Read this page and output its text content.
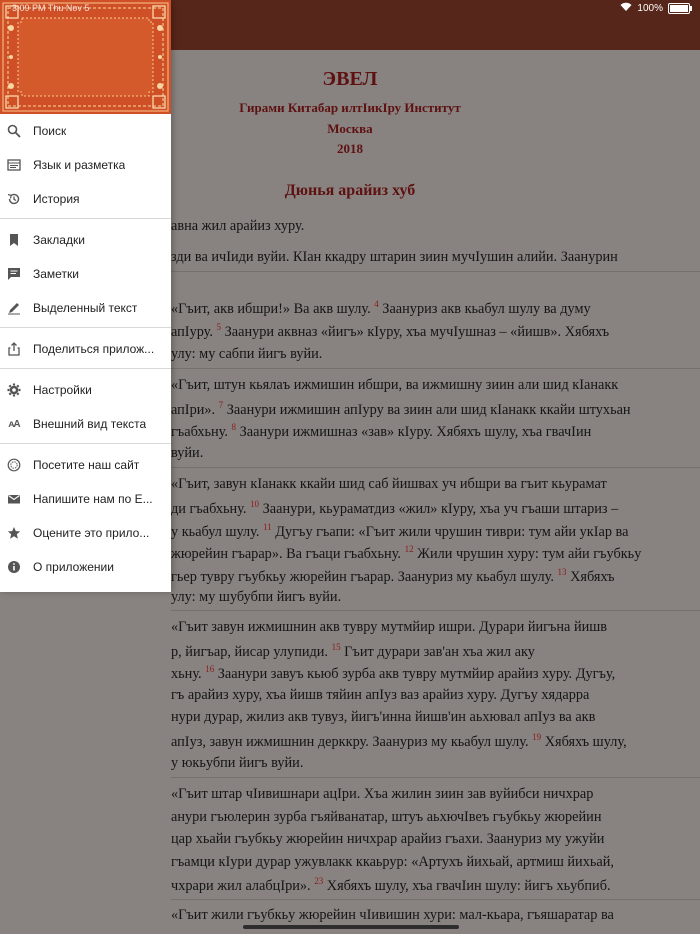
100%
ЭВЕЛ
Гирами Китабар илтIикIру Институт
Москва
2018
Дюнья арайиз хуб
авна жил арайиз хуру.
зди ва ичIиди вуйи. КIан ккадру штарин зиин мучIушин алийи. Заанурин
«Гъит, акв ибшри!» Ва акв шулу. $^4$ Заануриз акв кьабул шулу ва думу
апIуру. $^5$ Заанури аквназ «йигъ» кIуру, хъа мучIушназ – «йишв». Хябяхъ
улу: му сабпи йигъ вуйи.
«Гъит, штун кьялаъ ижмишин ибшри, ва ижмишну зиин али шид кIанакк
апIри». $^7$ Заанури ижмишин апIуру ва зиин али шид кIанакк ккайи штухьан
гъабхьну. $^8$ Заанури ижмишназ «зав» кIуру. Хябяхъ шулу, хъа гвачIин
вуйи.
«Гъит, завун кIанакк ккайи шид саб йишвах уч ибшри ва гъит кьурамат
ди гъабхьну. $^{10}$ Заанури, кьураматдиз «жил» кIуру, хъа уч гъаши штариз –
у кьабул шулу. $^{11}$ Дугъу гъапи: «Гъит жили чрушин тиври: тум айи укIар ва
жюрейин гъарар». Ва гъаци гъабхьну. $^{12}$ Жили чрушин хуру: тум айи гъубкьу
гьер тувру гъубкьу жюрейин гъарар. Заануриз му кьабул шулу. $^{13}$ Хябяхъ
улу: му шубубпи йигъ вуйи.
«Гъит завун ижмишнин акв тувру мутмйир ишри. Дурари йигъна йишв
р, йигъар, йисар улупиди. $^{15}$ Гъит дурари зав'ан хъа жил аку
хьну. $^{16}$ Заанури завуъ кьюб зурба акв тувру мутмйир арайиз хуру. Дугъу,
гъ арайиз хуру, хъа йишв тяйин апIуз ваз арайиз хуру. Дугъу хядарра
нури дурар, жилиз акв тувуз, йигъ'инна йишв'ин аьхювал апIуз ва акв
апIуз, завун ижмишнин дерккру. Заануриз му кьабул шулу. $^{19}$ Хябяхъ шулу,
у юкьубпи йигъ вуйи.
«Гъит штар чIивишнари ацIри. Хъа жилин зиин зав вуйибси ничхрар
анури гъюлерин зурба гъяйванатар, штуъ аьхючIвеъ гъубкьу жюрейин
цар хьайи гъубкьу жюрейин ничхрар арайиз гъахи. Заануриз му ужуйи
гъамци кIури дурар ужувлакк ккаьрур: «Артухъ йихьай, артмиш йихьай,
чхрари жил алабцIри». $^{23}$ Хябяхъ шулу, хъа гвачIин шулу: йигъ хьубпиб.
«Гъит жили гъубкьу жюрейин чIивишин хури: мал-кьара, гъяшаратар ва
3:09 PM Thu Nov 5
Поиск
Язык и разметка
История
Закладки
Заметки
Выделенный текст
Поделиться прилож...
Настройки
ᴀA Внешний вид текста
Посетите наш сайт
Напишите нам по Е...
Оцените это прило...
О приложении
